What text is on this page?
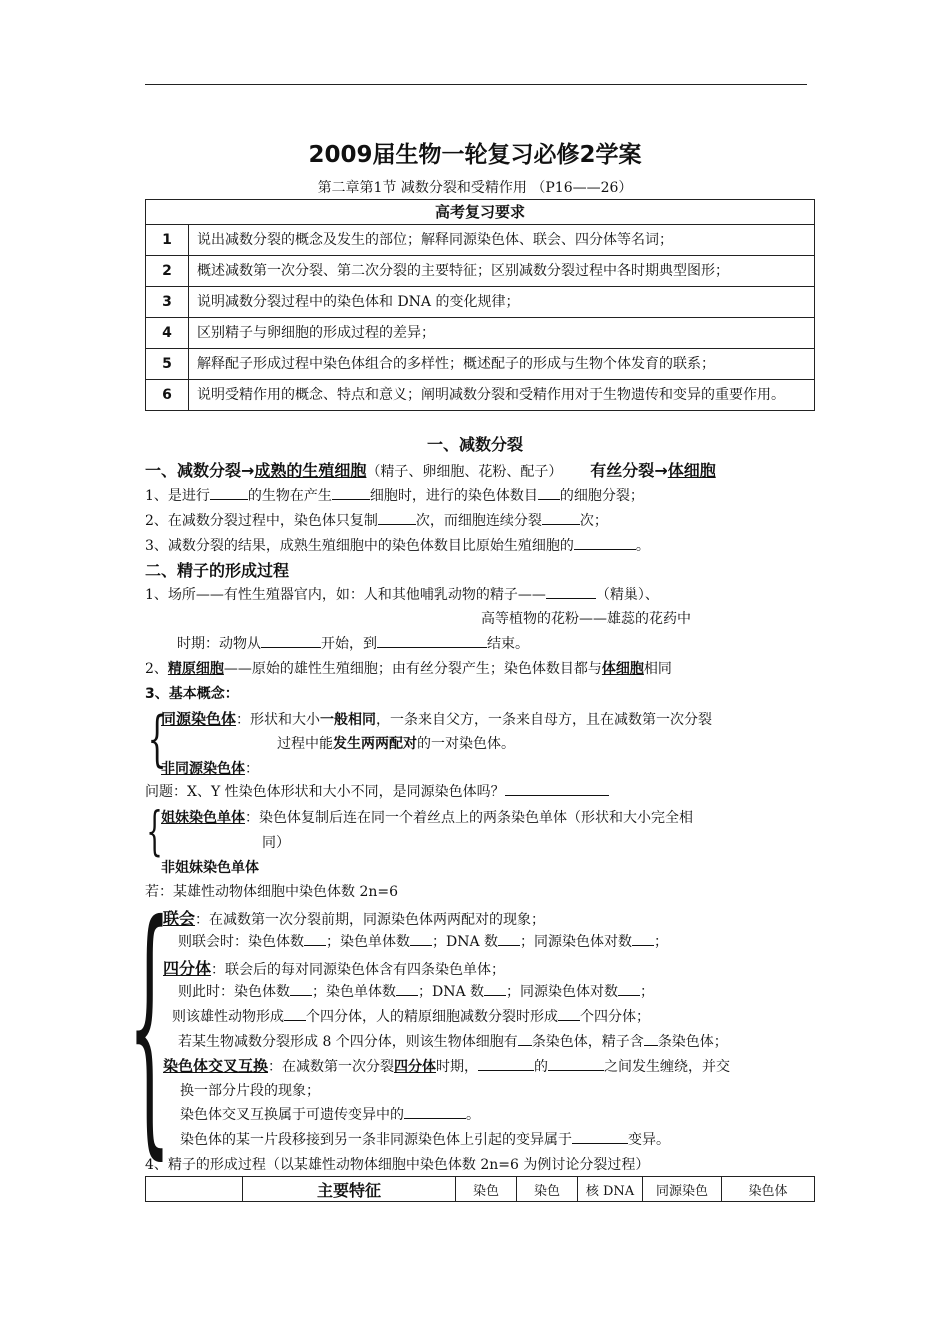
2009届生物一轮复习必修2学案
第二章第1节 减数分裂和受精作用 （P16——26）
高考复习要求	
1	说出减数分裂的概念及发生的部位；解释同源染色体、联会、四分体等名词；
2	概述减数第一次分裂、第二次分裂的主要特征；区别减数分裂过程中各时期典型图形；
3	说明减数分裂过程中的染色体和 DNA 的变化规律；
4	区别精子与卵细胞的形成过程的差异；
5	解释配子形成过程中染色体组合的多样性；概述配子的形成与生物个体发育的联系；
6	说明受精作用的概念、特点和意义；阐明减数分裂和受精作用对于生物遗传和变异的重要作用。
一、减数分裂
一、减数分裂→成熟的生殖细胞（精子、卵细胞、花粉、配子） 有丝分裂→体细胞
1、是进行	的生物在产生	细胞时，进行的染色体数目 的细胞分裂；
2、在减数分裂过程中，染色体只复制	次，而细胞连续分裂	次；
3、减数分裂的结果，成熟生殖细胞中的染色体数目比原始生殖细胞的	。
二、精子的形成过程
1、场所——有性生殖器官内，如：人和其他哺乳动物的精子——	（精巢）、
高等植物的花粉——雄蕊的花药中
时期：动物从	开始，到	结束。
2、精原细胞——原始的雄性生殖细胞；由有丝分裂产生；染色体数目都与体细胞相同
3、基本概念：
{
同源染色体：形状和大小一般相同，一条来自父方，一条来自母方，且在减数第一次分裂
过程中能发生两两配对的一对染色体。
非同源染色体：
问题：X、Y 性染色体形状和大小不同，是同源染色体吗？
{
姐妹染色单体：染色体复制后连在同一个着丝点上的两条染色单体（形状和大小完全相
同）
非姐妹染色单体
若：某雄性动物体细胞中染色体数 2n=6
{
联会：在减数第一次分裂前期，同源染色体两两配对的现象；
则联会时：染色体数 ；染色单体数 ；DNA 数 ；同源染色体对数 ；
四分体：联会后的每对同源染色体含有四条染色单体；
则此时：染色体数 ；染色单体数 ；DNA 数 ；同源染色体对数 ；
则该雄性动物形成 个四分体，人的精原细胞减数分裂时形成 个四分体；
若某生物减数分裂形成 8 个四分体，则该生物体细胞有 条染色体，精子含 条染色体；
染色体交叉互换：在减数第一次分裂四分体时期，	的	之间发生缠绕，并交
换一部分片段的现象；
染色体交叉互换属于可遗传变异中的	。
染色体的某一片段移接到另一条非同源染色体上引起的变异属于	变异。
4、精子的形成过程（以某雄性动物体细胞中染色体数 2n=6 为例讨论分裂过程）
	主要特征	染色	染色	核 DNA	同源染色	染色体
